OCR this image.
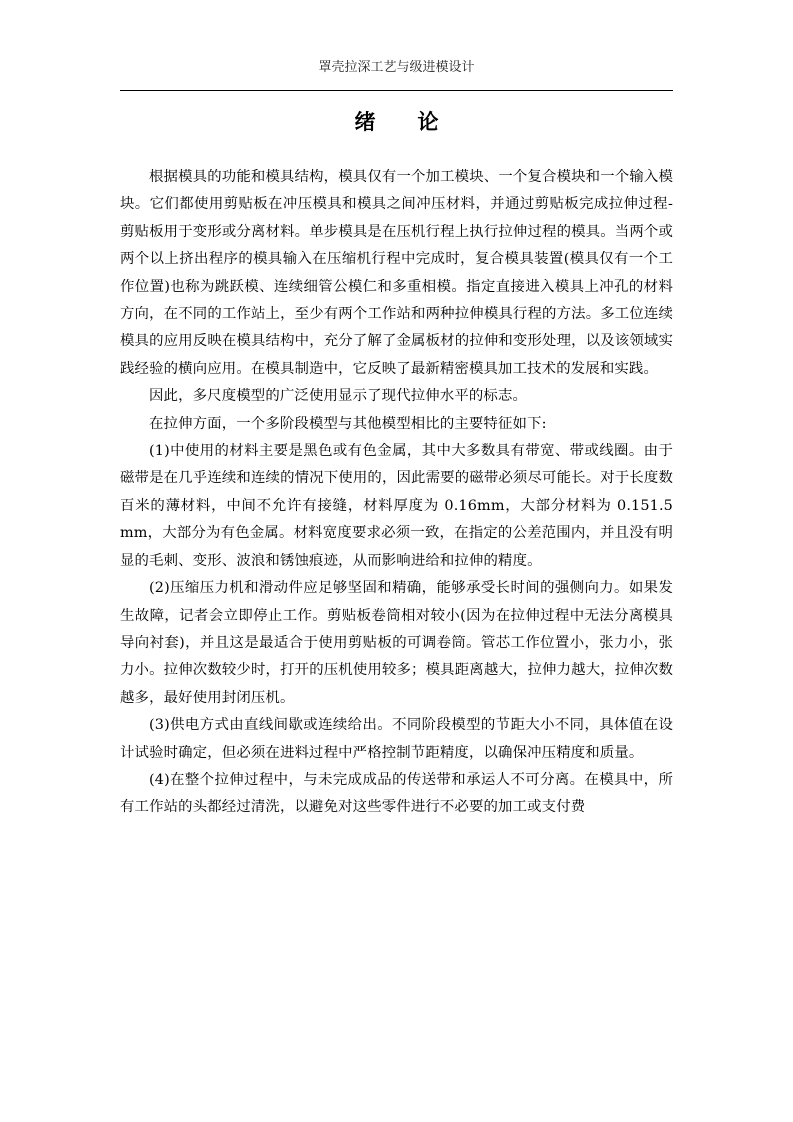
罩壳拉深工艺与级进模设计
绪 论

根据模具的功能和模具结构，模具仅有一个加工模块、一个复合模块和一个输入模块。它们都使用剪贴板在冲压模具和模具之间冲压材料，并通过剪贴板完成拉伸过程-剪贴板用于变形或分离材料。单步模具是在压机行程上执行拉伸过程的模具。当两个或两个以上挤出程序的模具输入在压缩机行程中完成时，复合模具装置(模具仅有一个工作位置)也称为跳跃模、连续细管公模仁和多重相模。指定直接进入模具上冲孔的材料方向，在不同的工作站上，至少有两个工作站和两种拉伸模具行程的方法。多工位连续模具的应用反映在模具结构中，充分了解了金属板材的拉伸和变形处理，以及该领域实践经验的横向应用。在模具制造中，它反映了最新精密模具加工技术的发展和实践。

因此，多尺度模型的广泛使用显示了现代拉伸水平的标志。

在拉伸方面，一个多阶段模型与其他模型相比的主要特征如下:

(1)中使用的材料主要是黑色或有色金属，其中大多数具有带宽、带或线圈。由于磁带是在几乎连续和连续的情况下使用的，因此需要的磁带必须尽可能长。对于长度数百米的薄材料，中间不允许有接缝，材料厚度为 0.16mm，大部分材料为 0.151.5 mm，大部分为有色金属。材料宽度要求必须一致，在指定的公差范围内，并且没有明显的毛刺、变形、波浪和锈蚀痕迹，从而影响进给和拉伸的精度。

(2)压缩压力机和滑动件应足够坚固和精确，能够承受长时间的强侧向力。如果发生故障，记者会立即停止工作。剪贴板卷筒相对较小(因为在拉伸过程中无法分离模具导向衬套)，并且这是最适合于使用剪贴板的可调卷筒。管芯工作位置小，张力小，张力小。拉伸次数较少时，打开的压机使用较多；模具距离越大，拉伸力越大，拉伸次数越多，最好使用封闭压机。

(3)供电方式由直线间歇或连续给出。不同阶段模型的节距大小不同，具体值在设计试验时确定，但必须在进料过程中严格控制节距精度，以确保冲压精度和质量。

(4)在整个拉伸过程中，与未完成成品的传送带和承运人不可分离。在模具中，所有工作站的头都经过清洗，以避免对这些零件进行不必要的加工或支付费
